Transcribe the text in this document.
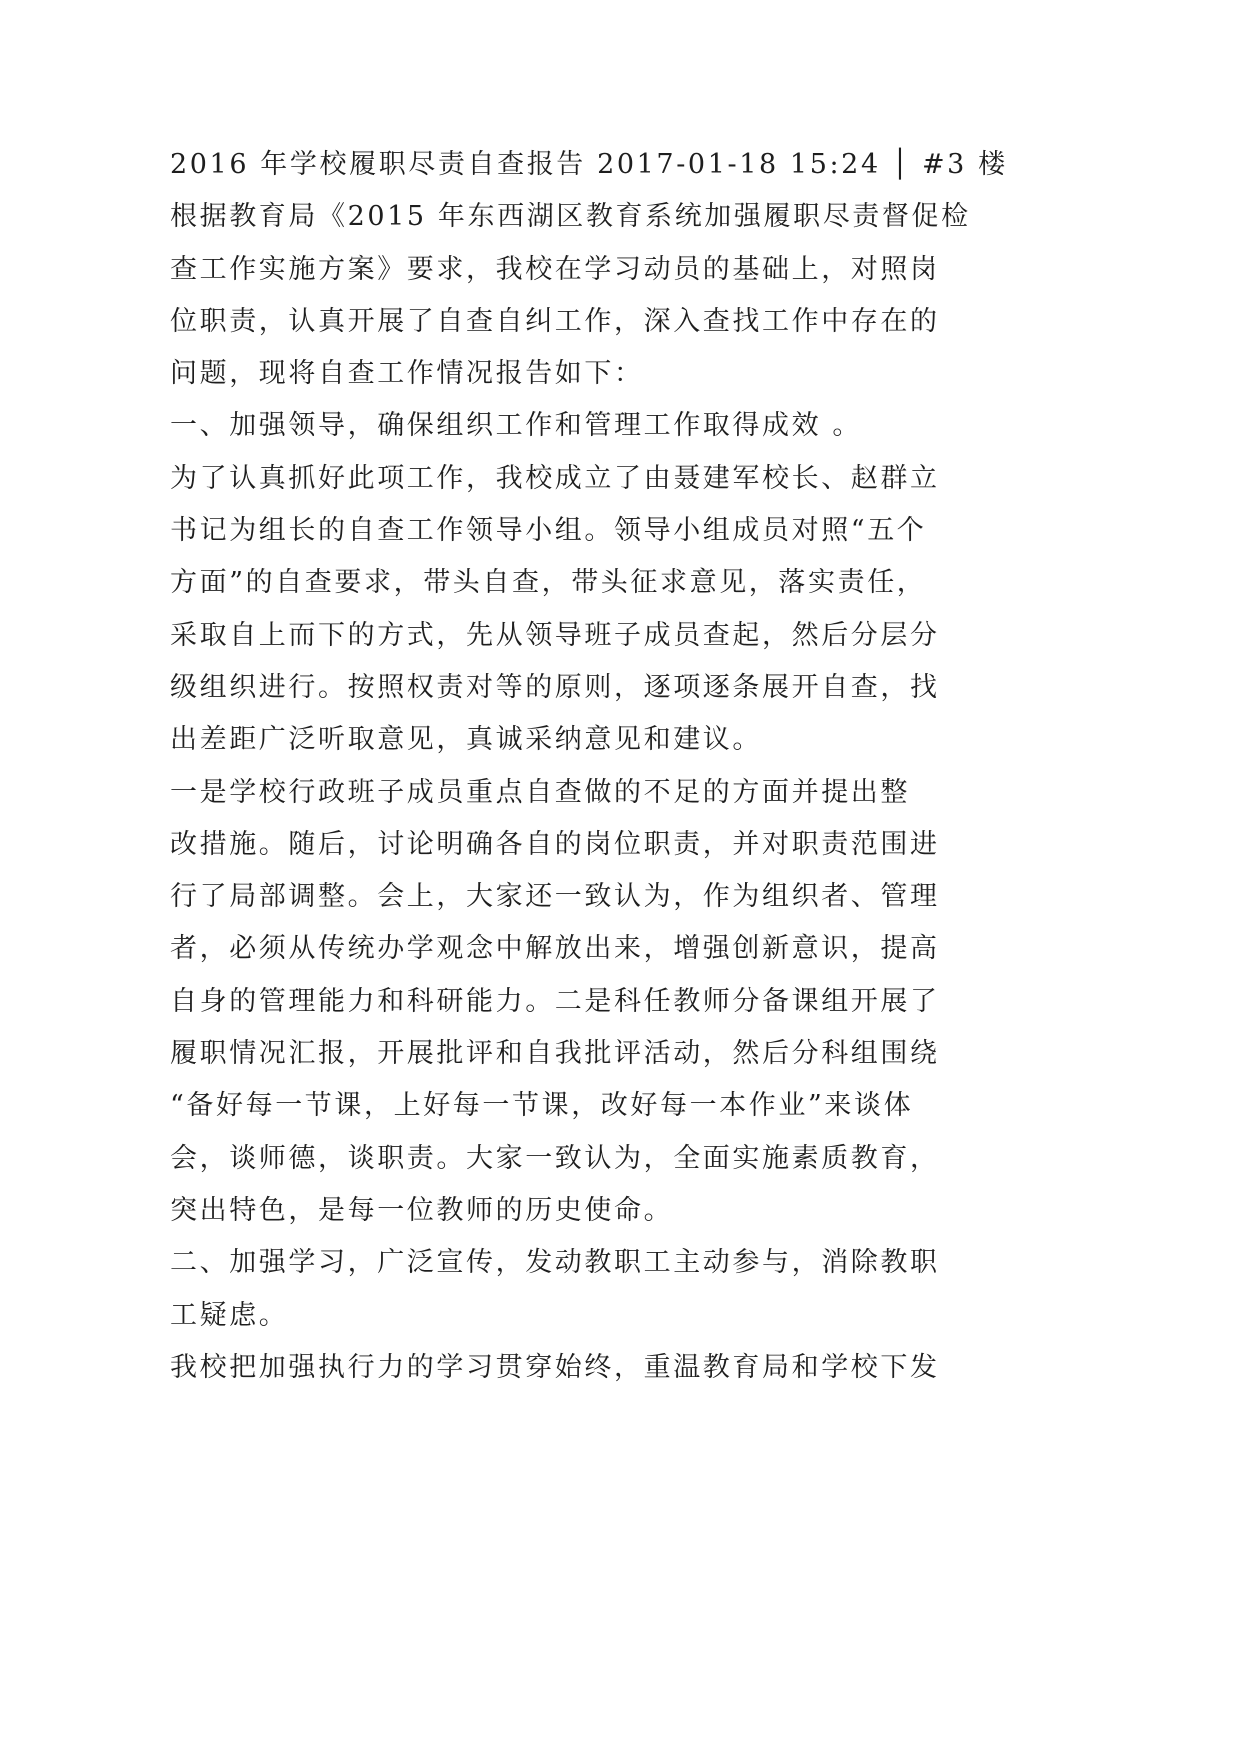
2016 年学校履职尽责自查报告 2017-01-18 15:24 │ #3 楼
根据教育局《2015 年东西湖区教育系统加强履职尽责督促检
查工作实施方案》要求，我校在学习动员的基础上，对照岗
位职责，认真开展了自查自纠工作，深入查找工作中存在的
问题，现将自查工作情况报告如下：
一、加强领导，确保组织工作和管理工作取得成效 。
为了认真抓好此项工作，我校成立了由聂建军校长、赵群立
书记为组长的自查工作领导小组。领导小组成员对照“五个
方面”的自查要求，带头自查，带头征求意见，落实责任，
采取自上而下的方式，先从领导班子成员查起，然后分层分
级组织进行。按照权责对等的原则，逐项逐条展开自查，找
出差距广泛听取意见，真诚采纳意见和建议。
一是学校行政班子成员重点自查做的不足的方面并提出整
改措施。随后，讨论明确各自的岗位职责，并对职责范围进
行了局部调整。会上，大家还一致认为，作为组织者、管理
者，必须从传统办学观念中解放出来，增强创新意识，提高
自身的管理能力和科研能力。二是科任教师分备课组开展了
履职情况汇报，开展批评和自我批评活动，然后分科组围绕
“备好每一节课，上好每一节课，改好每一本作业”来谈体
会，谈师德，谈职责。大家一致认为，全面实施素质教育，
突出特色，是每一位教师的历史使命。
二、加强学习，广泛宣传，发动教职工主动参与，消除教职
工疑虑。
我校把加强执行力的学习贯穿始终，重温教育局和学校下发
